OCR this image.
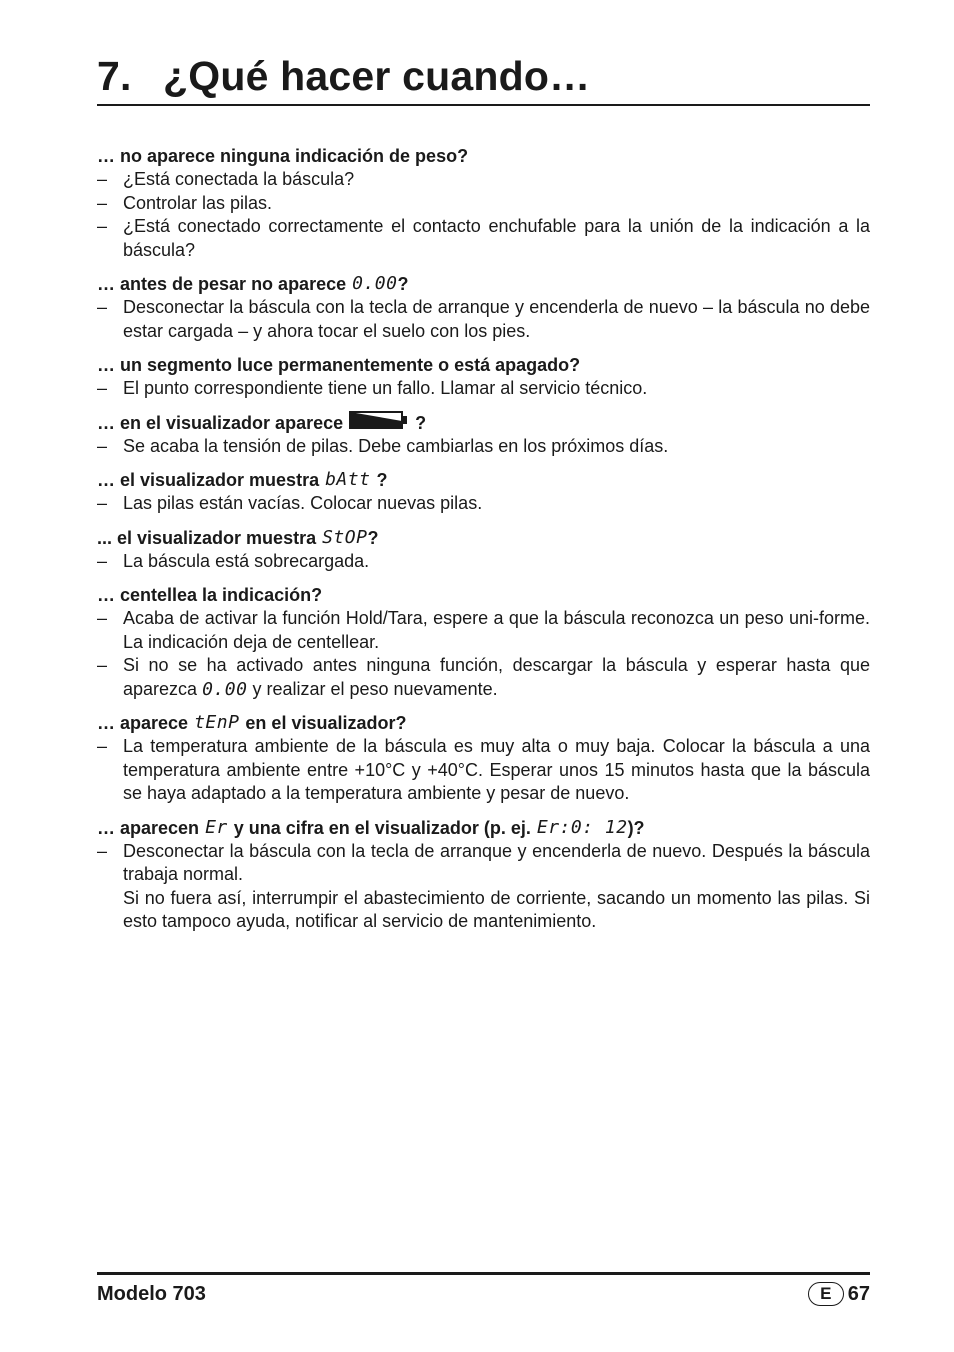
7. ¿Qué hacer cuando…
… no aparece ninguna indicación de peso?
– ¿Está conectada la báscula?
– Controlar las pilas.
– ¿Está conectado correctamente el contacto enchufable para la unión de la indicación a la báscula?
… antes de pesar no aparece 0.00 ?
– Desconectar la báscula con la tecla de arranque y encenderla de nuevo – la báscula no debe estar cargada – y ahora tocar el suelo con los pies.
… un segmento luce permanentemente o está apagado?
– El punto correspondiente tiene un fallo. Llamar al servicio técnico.
… en el visualizador aparece	?
– Se acaba la tensión de pilas. Debe cambiarlas en los próximos días.
… el visualizador muestra bAtt ?
– Las pilas están vacías. Colocar nuevas pilas.
... el visualizador muestra StOP ?
– La báscula está sobrecargada.
… centellea la indicación?
– Acaba de activar la función Hold/Tara, espere a que la báscula reconozca un peso uni-forme. La indicación deja de centellear.
– Si no se ha activado antes ninguna función, descargar la báscula y esperar hasta que aparezca 0.00 y realizar el peso nuevamente.
… aparece tEnP en el visualizador?
– La temperatura ambiente de la báscula es muy alta o muy baja. Colocar la báscula a una temperatura ambiente entre +10°C y +40°C. Esperar unos 15 minutos hasta que la báscula se haya adaptado a la temperatura ambiente y pesar de nuevo.
… aparecen Er y una cifra en el visualizador (p. ej. Er:0: 12 )?
– Desconectar la báscula con la tecla de arranque y encenderla de nuevo. Después la báscula trabaja normal.
Si no fuera así, interrumpir el abastecimiento de corriente, sacando un momento las pilas. Si esto tampoco ayuda, notificar al servicio de mantenimiento.
Modelo 703	E 67
